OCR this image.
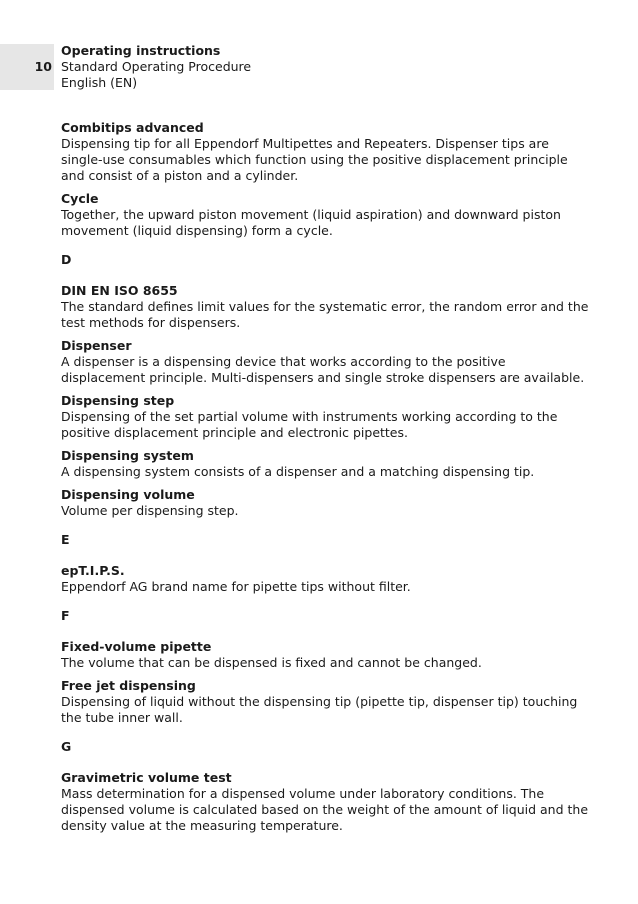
10
Operating instructions
Standard Operating Procedure
English (EN)
Combitips advanced
Dispensing tip for all Eppendorf Multipettes and Repeaters. Dispenser tips are single-use consumables which function using the positive displacement principle and consist of a piston and a cylinder.
Cycle
Together, the upward piston movement (liquid aspiration) and downward piston movement (liquid dispensing) form a cycle.
D
DIN EN ISO 8655
The standard defines limit values for the systematic error, the random error and the test methods for dispensers.
Dispenser
A dispenser is a dispensing device that works according to the positive displacement principle. Multi-dispensers and single stroke dispensers are available.
Dispensing step
Dispensing of the set partial volume with instruments working according to the positive displacement principle and electronic pipettes.
Dispensing system
A dispensing system consists of a dispenser and a matching dispensing tip.
Dispensing volume
Volume per dispensing step.
E
epT.I.P.S.
Eppendorf AG brand name for pipette tips without filter.
F
Fixed-volume pipette
The volume that can be dispensed is fixed and cannot be changed.
Free jet dispensing
Dispensing of liquid without the dispensing tip (pipette tip, dispenser tip) touching the tube inner wall.
G
Gravimetric volume test
Mass determination for a dispensed volume under laboratory conditions. The dispensed volume is calculated based on the weight of the amount of liquid and the density value at the measuring temperature.
